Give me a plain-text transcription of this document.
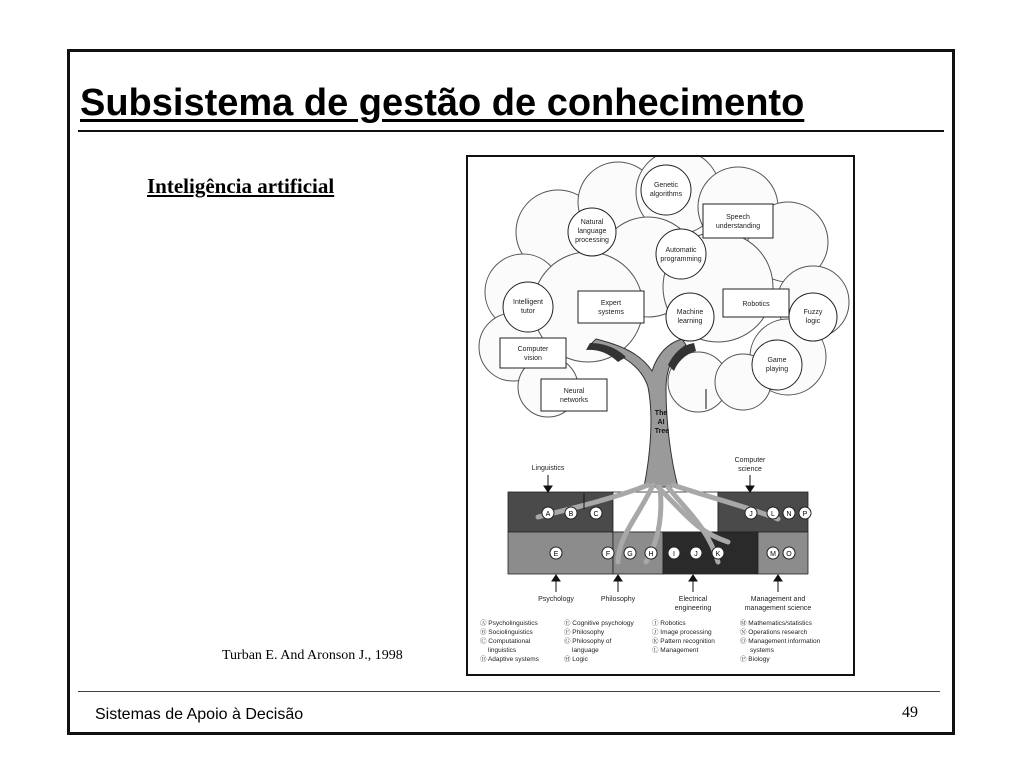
Subsistema de gestão de conhecimento
Inteligência artificial
The AI Tree
Genetic algorithms
Natural language processing
Automatic programming
Intelligent tutor	Machine learning
Fuzzy logic
Game playing
Speech understanding
Expert systems
Robotics
Computer vision
Neural networks
Linguistics
Computer science
A	B	C	J	L N P
E	F G H	I	J	K	M O
Psychology	Philosophy	Electrical engineering
Management and management science
Ⓐ Psycholinguistics Ⓑ Sociolinguistics Ⓒ Computational linguistics Ⓓ Adaptive systems
Ⓔ Cognitive psychology Ⓕ Philosophy Ⓖ Philosophy of language Ⓗ Logic
Ⓘ Robotics Ⓙ Image processing Ⓚ Pattern recognition Ⓛ Management
Ⓜ Mathematics/statistics Ⓝ Operations research Ⓞ Management information systems Ⓟ Biology
Turban E. And Aronson J., 1998
Sistemas de Apoio à Decisão	49
